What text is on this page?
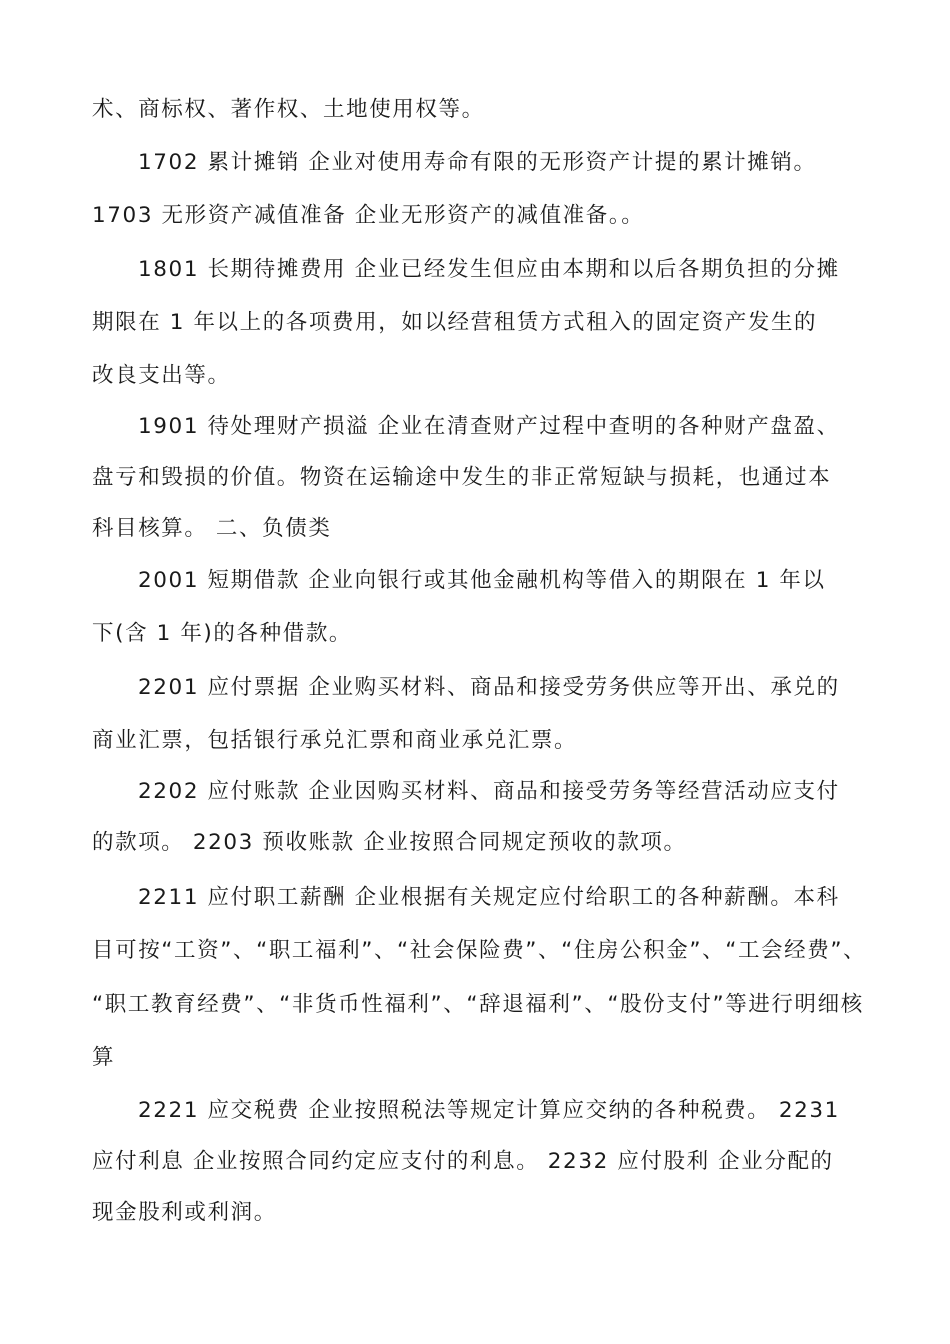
术、商标权、著作权、土地使用权等。

1702 累计摊销 企业对使用寿命有限的无形资产计提的累计摊销。

1703 无形资产减值准备 企业无形资产的减值准备。。

1801 长期待摊费用 企业已经发生但应由本期和以后各期负担的分摊

期限在 1 年以上的各项费用，如以经营租赁方式租入的固定资产发生的

改良支出等。

1901 待处理财产损溢 企业在清查财产过程中查明的各种财产盘盈、

盘亏和毁损的价值。物资在运输途中发生的非正常短缺与损耗，也通过本

科目核算。 二、负债类

2001 短期借款 企业向银行或其他金融机构等借入的期限在 1 年以

下(含 1 年)的各种借款。

2201 应付票据 企业购买材料、商品和接受劳务供应等开出、承兑的

商业汇票，包括银行承兑汇票和商业承兑汇票。

2202 应付账款 企业因购买材料、商品和接受劳务等经营活动应支付

的款项。 2203 预收账款 企业按照合同规定预收的款项。

2211 应付职工薪酬 企业根据有关规定应付给职工的各种薪酬。本科

目可按“工资”、“职工福利”、“社会保险费”、“住房公积金”、“工会经费”、

“职工教育经费”、“非货币性福利”、“辞退福利”、“股份支付”等进行明细核

算

2221 应交税费 企业按照税法等规定计算应交纳的各种税费。 2231

应付利息 企业按照合同约定应支付的利息。 2232 应付股利 企业分配的

现金股利或利润。
